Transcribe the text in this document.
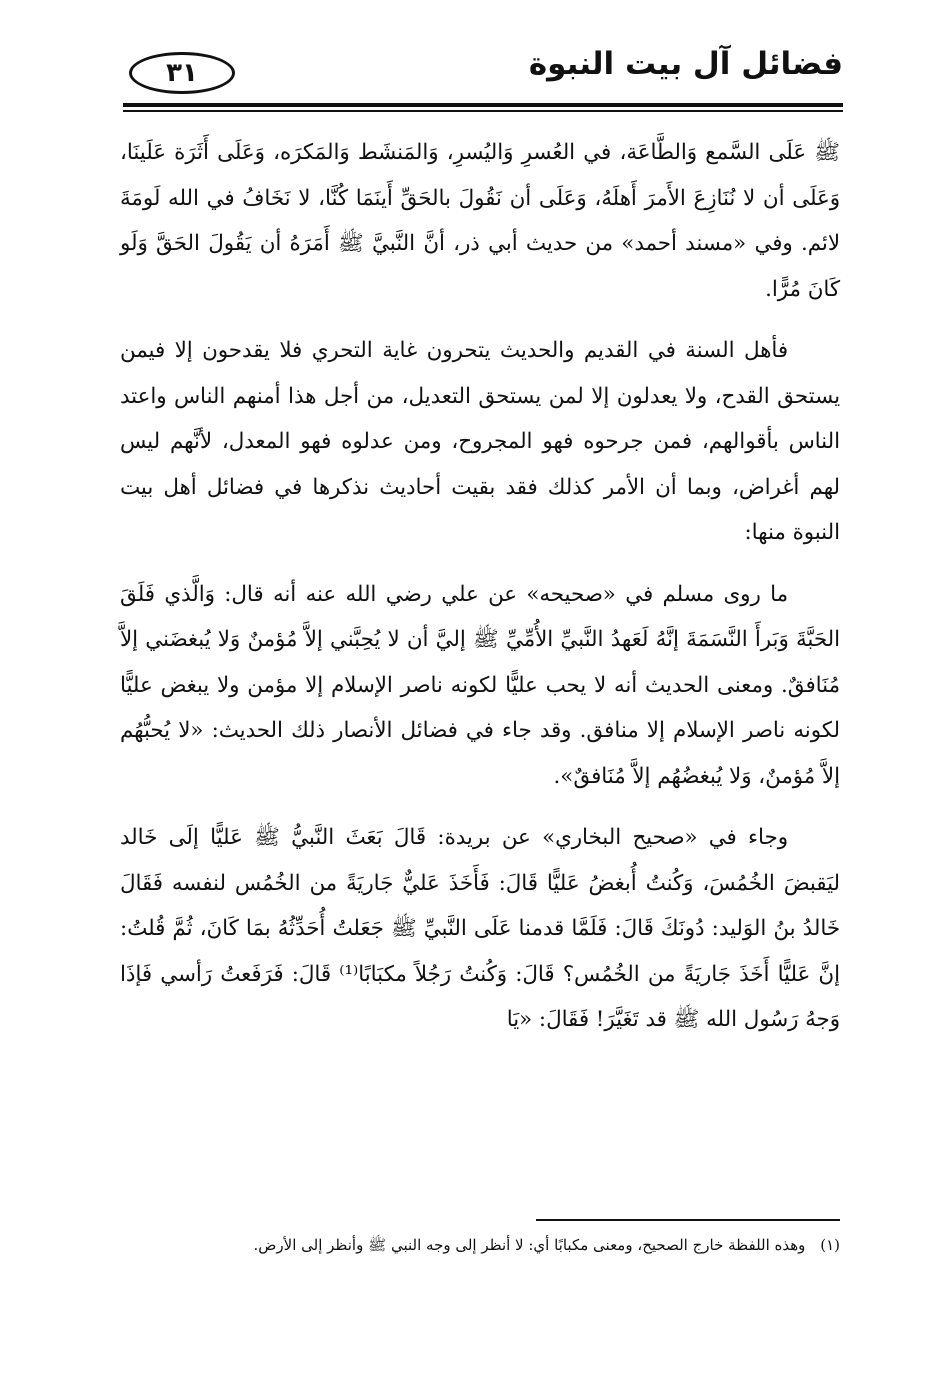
فضائل آل بيت النبوة
٣١

ﷺ عَلَى السَّمع وَالطَّاعَة، في العُسرِ وَاليُسرِ، وَالمَنشَط وَالمَكرَه، وَعَلَى أَثَرَة عَلَينَا، وَعَلَى أن لا نُنَازِعَ الأَمرَ أَهلَهُ، وَعَلَى أن نَقُولَ بالحَقِّ أَينَمَا كُنَّا، لا نَخَافُ في الله لَومَةَ لائم. وفي «مسند أحمد» من حديث أبي ذر، أنَّ النَّبيَّ ﷺ أَمَرَهُ أن يَقُولَ الحَقَّ وَلَو كَانَ مُرًّا.

فأهل السنة في القديم والحديث يتحرون غاية التحري فلا يقدحون إلا فيمن يستحق القدح، ولا يعدلون إلا لمن يستحق التعديل، من أجل هذا أمنهم الناس واعتد الناس بأقوالهم، فمن جرحوه فهو المجروح، ومن عدلوه فهو المعدل، لأنَّهم ليس لهم أغراض، وبما أن الأمر كذلك فقد بقيت أحاديث نذكرها في فضائل أهل بيت النبوة منها:

ما روى مسلم في «صحيحه» عن علي رضي الله عنه أنه قال: وَالَّذي فَلَقَ الحَبَّةَ وَبَرأَ النَّسَمَةَ إنَّهُ لَعَهدُ النَّبيِّ الأُمِّيِّ ﷺ إليَّ أن لا يُحِبَّني إلاَّ مُؤمنٌ وَلا يُبغضَني إلاَّ مُنَافقٌ. ومعنى الحديث أنه لا يحب عليًّا لكونه ناصر الإسلام إلا مؤمن ولا يبغض عليًّا لكونه ناصر الإسلام إلا منافق. وقد جاء في فضائل الأنصار ذلك الحديث: «لا يُحبُّهُم إلاَّ مُؤمنٌ، وَلا يُبغضُهُم إلاَّ مُنَافقٌ».

وجاء في «صحيح البخاري» عن بريدة: قَالَ بَعَثَ النَّبيُّ ﷺ عَليًّا إلَى خَالد ليَقبضَ الخُمُسَ، وَكُنتُ أُبغضُ عَليًّا قَالَ: فَأَخَذَ عَليٌّ جَاريَةً من الخُمُس لنفسه فَقَالَ خَالدُ بنُ الوَليد: دُونَكَ قَالَ: فَلَمَّا قدمنا عَلَى النَّبيِّ ﷺ جَعَلتُ أُحَدِّثُهُ بمَا كَانَ، ثُمَّ قُلتُ: إنَّ عَليًّا أَخَذَ جَاريَةً من الخُمُس؟ قَالَ: وَكُنتُ رَجُلاً مكبَابًا⁽¹⁾ قَالَ: فَرَفَعتُ رَأسي فَإذَا وَجهُ رَسُول الله ﷺ قد تَغَيَّرَ! فَقَالَ: «يَا

(١) وهذه اللفظة خارج الصحيح، ومعنى مكبابًا أي: لا أنظر إلى وجه النبي ﷺ وأنظر إلى الأرض.
